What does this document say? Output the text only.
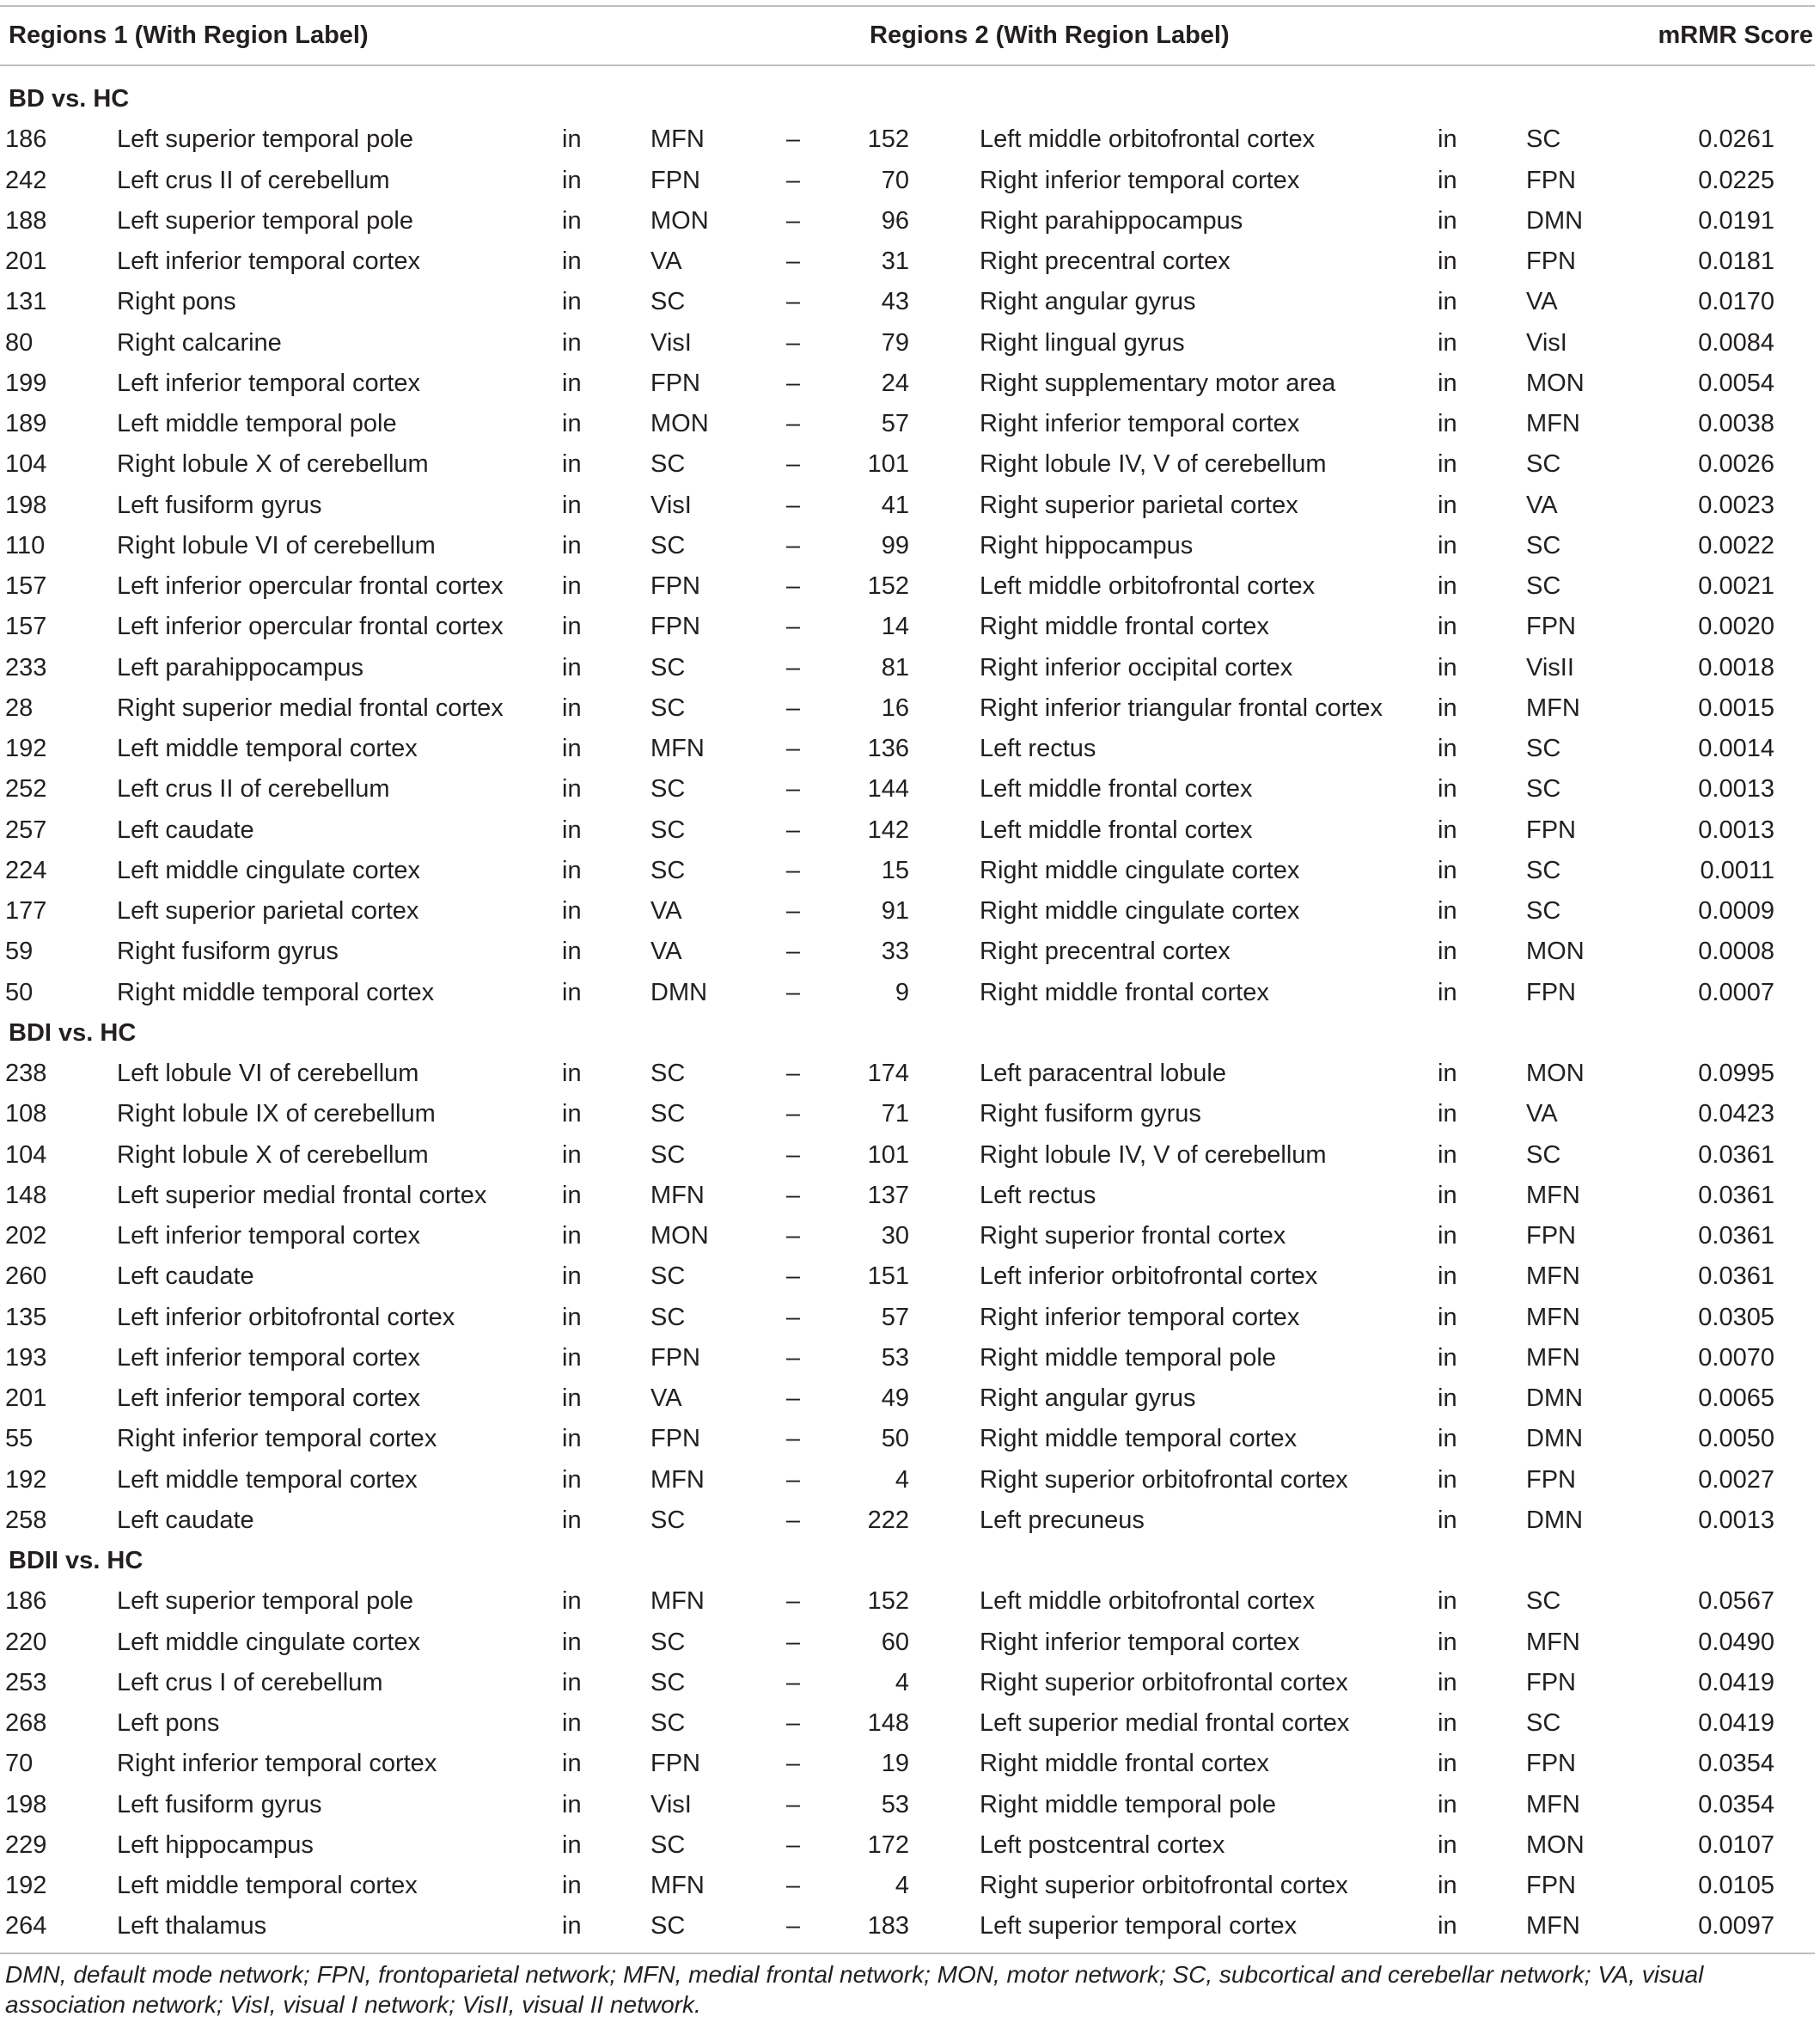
Regions 1 (With Region Label)	Regions 2 (With Region Label)	mRMR Score
BD vs. HC
186	Left superior temporal pole	in	MFN	–	152	Left middle orbitofrontal cortex	in	SC	0.0261
242	Left crus II of cerebellum	in	FPN	–	70	Right inferior temporal cortex	in	FPN	0.0225
188	Left superior temporal pole	in	MON	–	96	Right parahippocampus	in	DMN	0.0191
201	Left inferior temporal cortex	in	VA	–	31	Right precentral cortex	in	FPN	0.0181
131	Right pons	in	SC	–	43	Right angular gyrus	in	VA	0.0170
80	Right calcarine	in	VisI	–	79	Right lingual gyrus	in	VisI	0.0084
199	Left inferior temporal cortex	in	FPN	–	24	Right supplementary motor area	in	MON	0.0054
189	Left middle temporal pole	in	MON	–	57	Right inferior temporal cortex	in	MFN	0.0038
104	Right lobule X of cerebellum	in	SC	–	101	Right lobule IV, V of cerebellum	in	SC	0.0026
198	Left fusiform gyrus	in	VisI	–	41	Right superior parietal cortex	in	VA	0.0023
110	Right lobule VI of cerebellum	in	SC	–	99	Right hippocampus	in	SC	0.0022
157	Left inferior opercular frontal cortex in	FPN	–	152	Left middle orbitofrontal cortex	in	SC	0.0021
157	Left inferior opercular frontal cortex in	FPN	–	14	Right middle frontal cortex	in	FPN	0.0020
233	Left parahippocampus	in	SC	–	81	Right inferior occipital cortex	in	VisII	0.0018
28	Right superior medial frontal cortex in	SC	–	16	Right inferior triangular frontal cortex in	MFN	0.0015
192	Left middle temporal cortex	in	MFN	–	136	Left rectus	in	SC	0.0014
252	Left crus II of cerebellum	in	SC	–	144	Left middle frontal cortex	in	SC	0.0013
257	Left caudate	in	SC	–	142	Left middle frontal cortex	in	FPN	0.0013
224	Left middle cingulate cortex	in	SC	–	15	Right middle cingulate cortex	in	SC	0.0011
177	Left superior parietal cortex	in	VA	–	91	Right middle cingulate cortex	in	SC	0.0009
59	Right fusiform gyrus	in	VA	–	33	Right precentral cortex	in	MON	0.0008
50	Right middle temporal cortex	in	DMN	–	9	Right middle frontal cortex	in	FPN	0.0007
BDI vs. HC
238	Left lobule VI of cerebellum	in	SC	–	174	Left paracentral lobule	in	MON	0.0995
108	Right lobule IX of cerebellum	in	SC	–	71	Right fusiform gyrus	in	VA	0.0423
104	Right lobule X of cerebellum	in	SC	–	101	Right lobule IV, V of cerebellum	in	SC	0.0361
148	Left superior medial frontal cortex	in	MFN	–	137	Left rectus	in	MFN	0.0361
202	Left inferior temporal cortex	in	MON	–	30	Right superior frontal cortex	in	FPN	0.0361
260	Left caudate	in	SC	–	151	Left inferior orbitofrontal cortex	in	MFN	0.0361
135	Left inferior orbitofrontal cortex	in	SC	–	57	Right inferior temporal cortex	in	MFN	0.0305
193	Left inferior temporal cortex	in	FPN	–	53	Right middle temporal pole	in	MFN	0.0070
201	Left inferior temporal cortex	in	VA	–	49	Right angular gyrus	in	DMN	0.0065
55	Right inferior temporal cortex	in	FPN	–	50	Right middle temporal cortex	in	DMN	0.0050
192	Left middle temporal cortex	in	MFN	–	4	Right superior orbitofrontal cortex	in	FPN	0.0027
258	Left caudate	in	SC	–	222	Left precuneus	in	DMN	0.0013
BDII vs. HC
186	Left superior temporal pole	in	MFN	–	152	Left middle orbitofrontal cortex	in	SC	0.0567
220	Left middle cingulate cortex	in	SC	–	60	Right inferior temporal cortex	in	MFN	0.0490
253	Left crus I of cerebellum	in	SC	–	4	Right superior orbitofrontal cortex	in	FPN	0.0419
268	Left pons	in	SC	–	148	Left superior medial frontal cortex	in	SC	0.0419
70	Right inferior temporal cortex	in	FPN	–	19	Right middle frontal cortex	in	FPN	0.0354
198	Left fusiform gyrus	in	VisI	–	53	Right middle temporal pole	in	MFN	0.0354
229	Left hippocampus	in	SC	–	172	Left postcentral cortex	in	MON	0.0107
192	Left middle temporal cortex	in	MFN	–	4	Right superior orbitofrontal cortex	in	FPN	0.0105
264	Left thalamus	in	SC	–	183	Left superior temporal cortex	in	MFN	0.0097
DMN, default mode network; FPN, frontoparietal network; MFN, medial frontal network; MON, motor network; SC, subcortical and cerebellar network; VA, visual association network; VisI, visual I network; VisII, visual II network.
